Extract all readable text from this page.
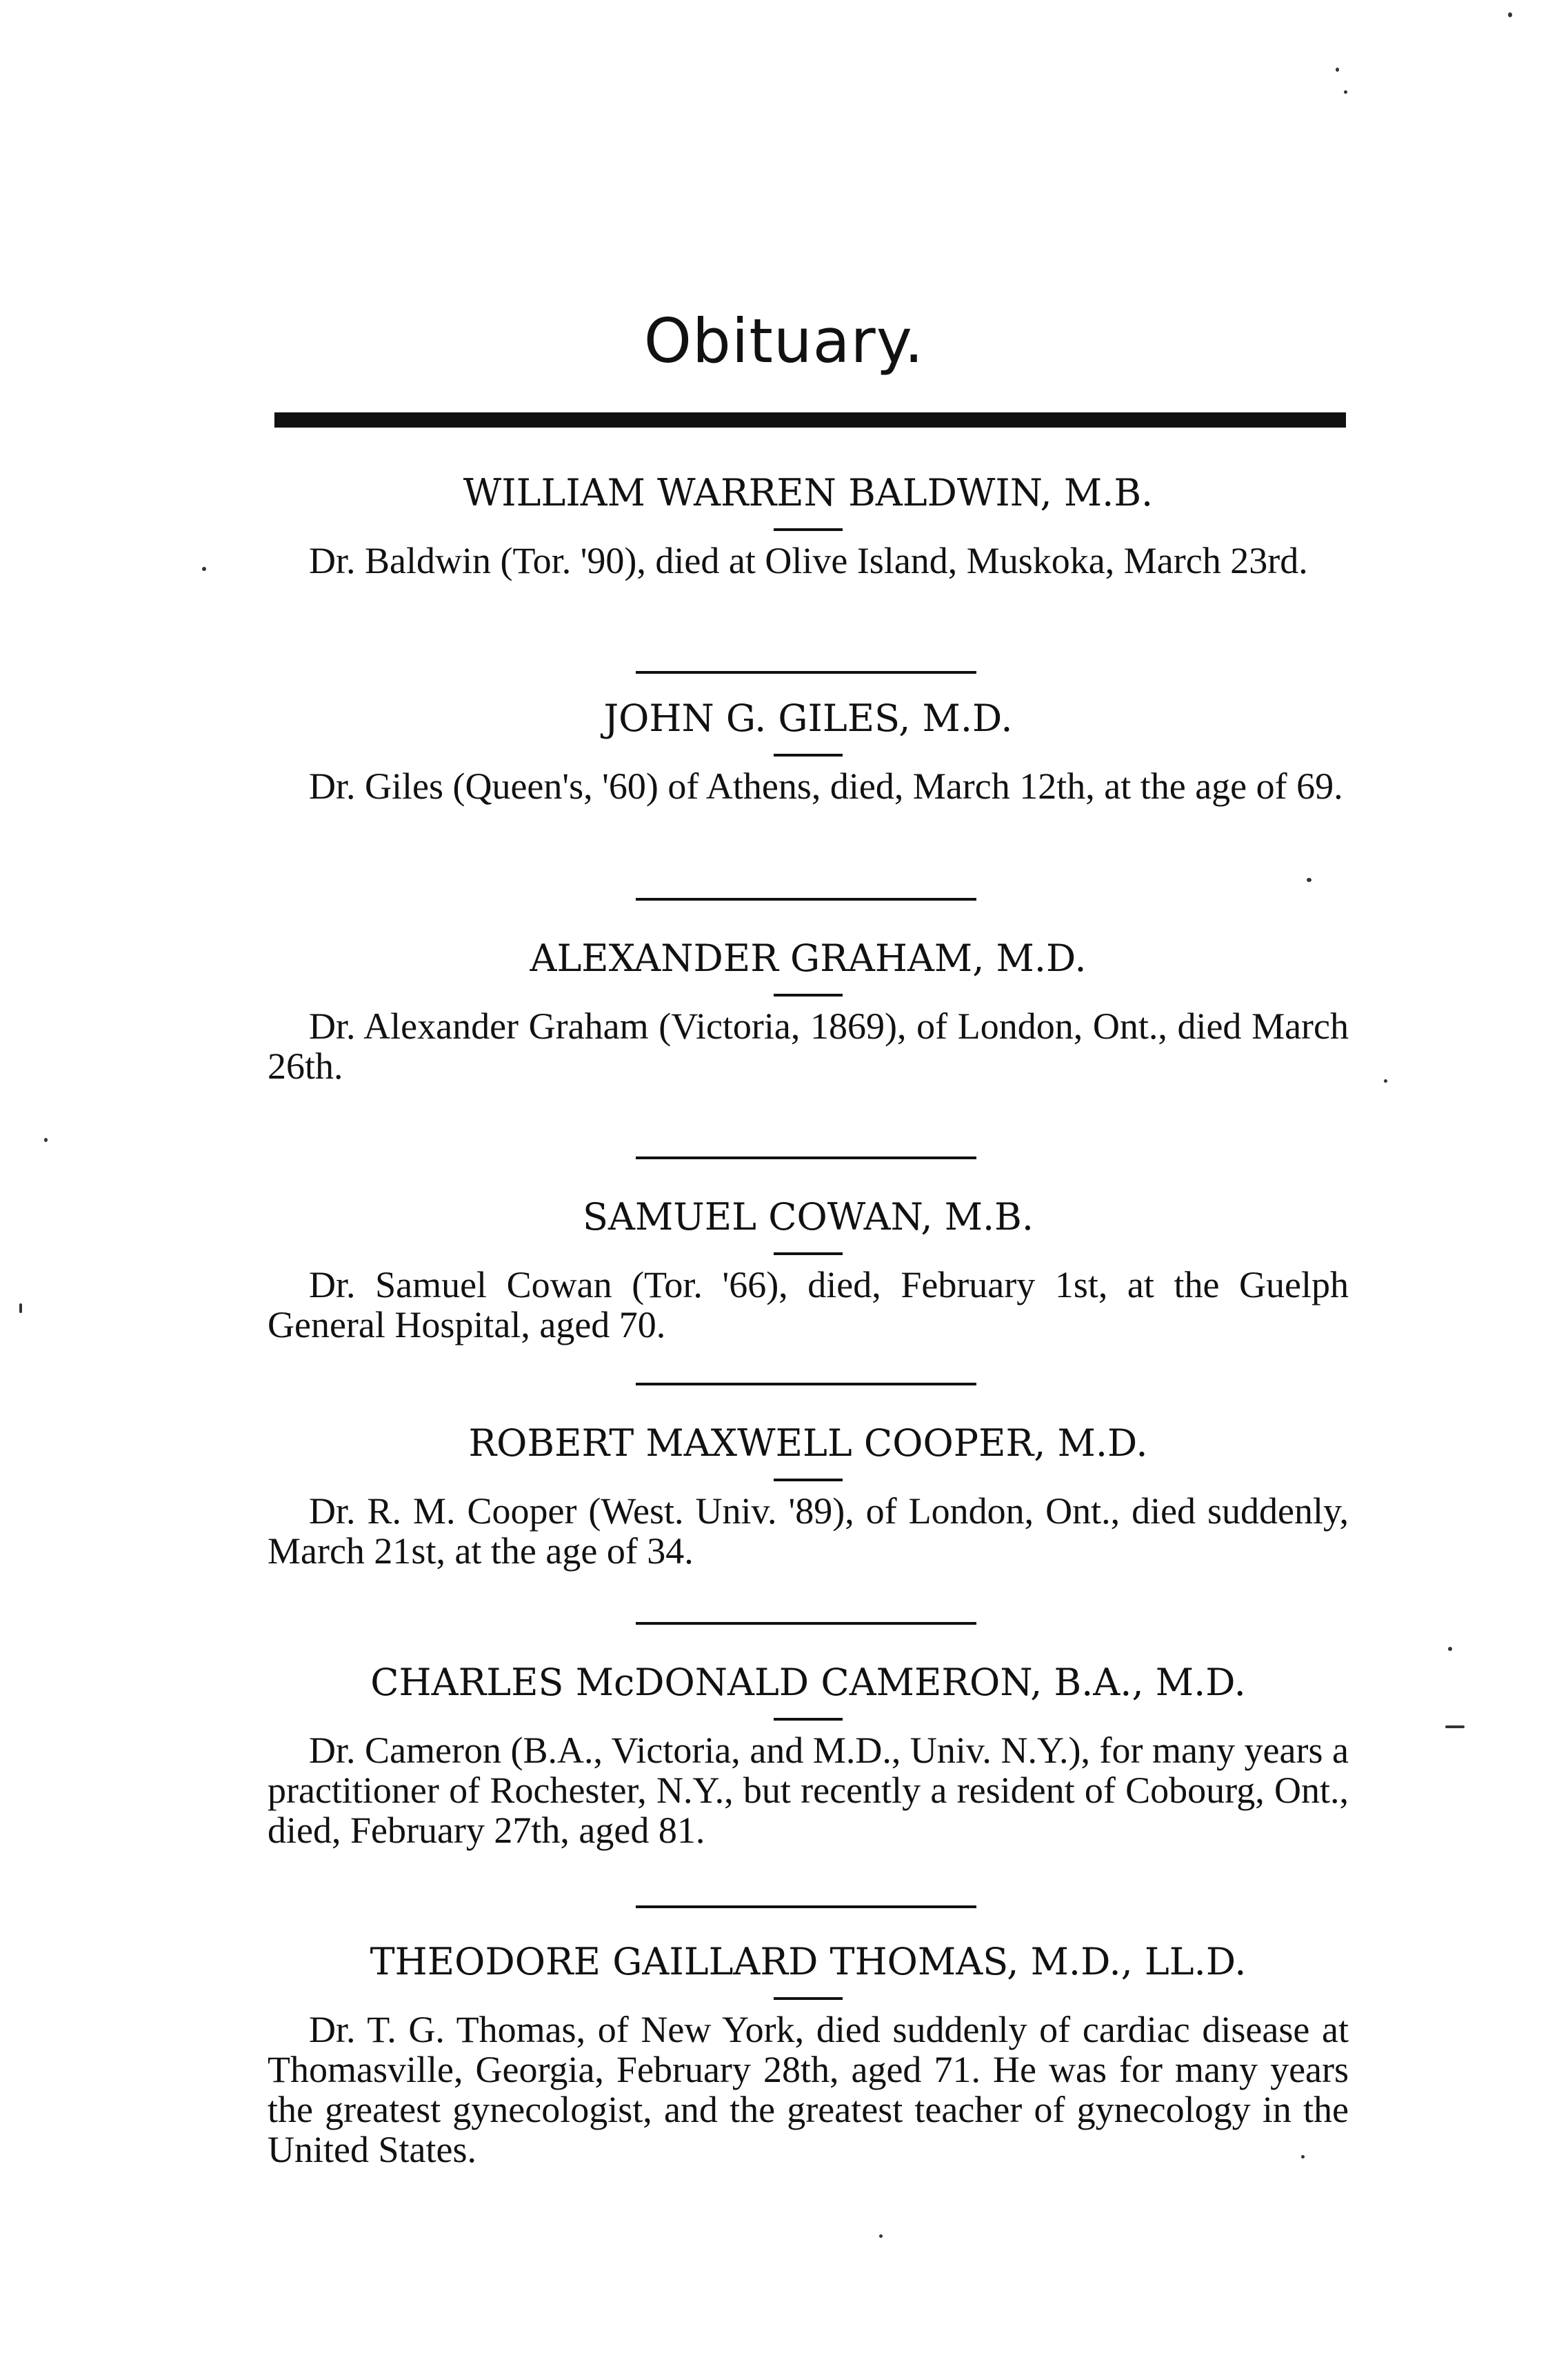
Obituary.
WILLIAM WARREN BALDWIN, M.B.

Dr. Baldwin (Tor. '90), died at Olive Island, Muskoka, March 23rd.

JOHN G. GILES, M.D.

Dr. Giles (Queen's, '60) of Athens, died, March 12th, at the age of 69.

ALEXANDER GRAHAM, M.D.

Dr. Alexander Graham (Victoria, 1869), of London, Ont., died March 26th.

SAMUEL COWAN, M.B.

Dr. Samuel Cowan (Tor. '66), died, February 1st, at the Guelph General Hospital, aged 70.

ROBERT MAXWELL COOPER, M.D.

Dr. R. M. Cooper (West. Univ. '89), of London, Ont., died suddenly, March 21st, at the age of 34.

CHARLES McDONALD CAMERON, B.A., M.D.

Dr. Cameron (B.A., Victoria, and M.D., Univ. N.Y.), for many years a practitioner of Rochester, N.Y., but recently a resident of Cobourg, Ont., died, February 27th, aged 81.

THEODORE GAILLARD THOMAS, M.D., LL.D.

Dr. T. G. Thomas, of New York, died suddenly of cardiac disease at Thomasville, Georgia, February 28th, aged 71. He was for many years the greatest gynecologist, and the greatest teacher of gynecology in the United States.
